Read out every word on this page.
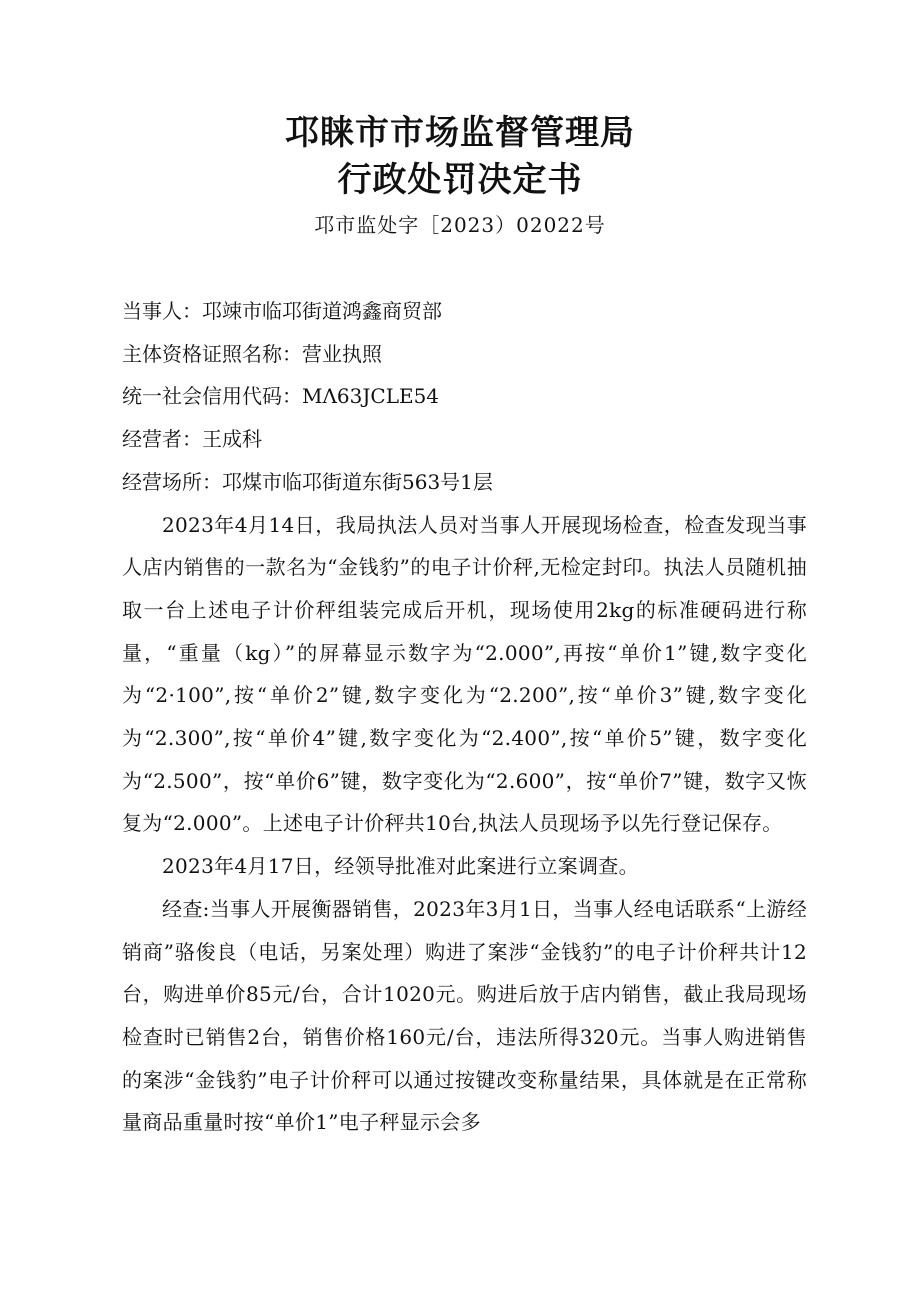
邛睐市市场监督管理局
行政处罚决定书
邛市监处字［2023）02022号

当事人：邛竦市临邛街道鸿鑫商贸部

主体资格证照名称：营业执照

统一社会信用代码：MΛ63JCLE54

经营者：王成科

经营场所：邛煤市临邛街道东街563号1层

2023年4月14日，我局执法人员对当事人开展现场检查，检查发现当事人店内销售的一款名为“金钱豹”的电子计价秤,无检定封印。执法人员随机抽取一台上述电子计价秤组装完成后开机，现场使用2kg的标准硬码进行称量，“重量（kg）”的屏幕显示数字为“2.000”,再按“单价1”键,数字变化为“2·100”,按“单价2”键,数字变化为“2.200”,按“单价3”键,数字变化为“2.300”,按“单价4”键,数字变化为“2.400”,按“单价5”键，数字变化为“2.500”，按“单价6”键，数字变化为“2.600”，按“单价7”键，数字又恢复为“2.000”。上述电子计价秤共10台,执法人员现场予以先行登记保存。

2023年4月17日，经领导批准对此案进行立案调查。

经查:当事人开展衡器销售，2023年3月1日，当事人经电话联系“上游经销商”骆俊良（电话，另案处理）购进了案涉“金钱豹”的电子计价秤共计12台，购进单价85元/台，合计1020元。购进后放于店内销售，截止我局现场检查时已销售2台，销售价格160元/台，违法所得320元。当事人购进销售的案涉“金钱豹”电子计价秤可以通过按键改变称量结果，具体就是在正常称量商品重量时按“单价1”电子秤显示会多
